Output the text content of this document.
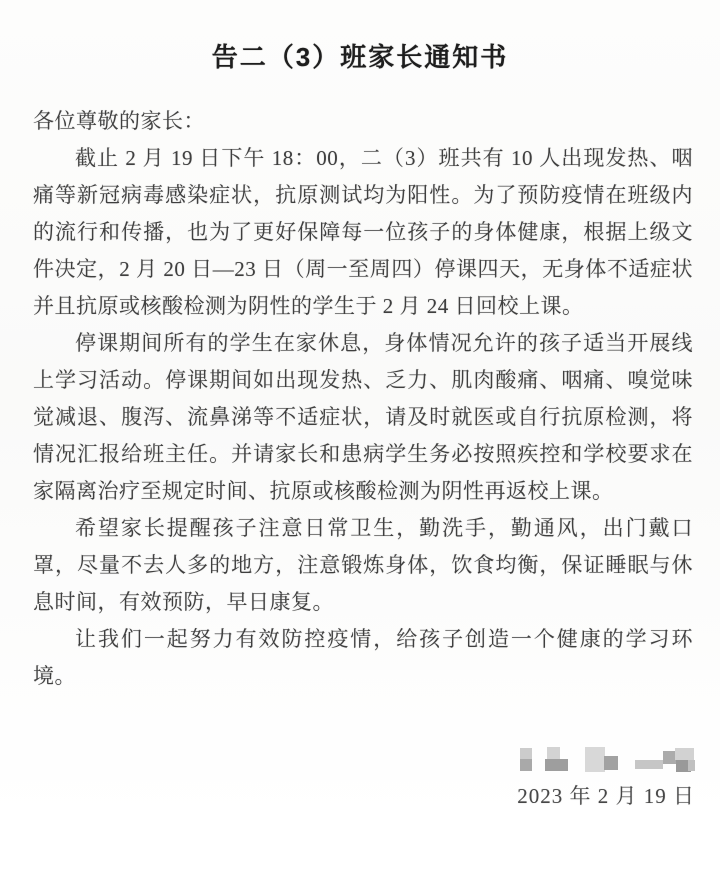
告二（3）班家长通知书

各位尊敬的家长：

截止 2 月 19 日下午 18：00，二（3）班共有 10 人出现发热、咽痛等新冠病毒感染症状，抗原测试均为阳性。为了预防疫情在班级内的流行和传播，也为了更好保障每一位孩子的身体健康，根据上级文件决定，2 月 20 日—23 日（周一至周四）停课四天，无身体不适症状并且抗原或核酸检测为阴性的学生于 2 月 24 日回校上课。

停课期间所有的学生在家休息，身体情况允许的孩子适当开展线上学习活动。停课期间如出现发热、乏力、肌肉酸痛、咽痛、嗅觉味觉减退、腹泻、流鼻涕等不适症状，请及时就医或自行抗原检测，将情况汇报给班主任。并请家长和患病学生务必按照疾控和学校要求在家隔离治疗至规定时间、抗原或核酸检测为阴性再返校上课。

希望家长提醒孩子注意日常卫生，勤洗手，勤通风，出门戴口罩，尽量不去人多的地方，注意锻炼身体，饮食均衡，保证睡眠与休息时间，有效预防，早日康复。

让我们一起努力有效防控疫情，给孩子创造一个健康的学习环境。

2023 年 2 月 19 日
